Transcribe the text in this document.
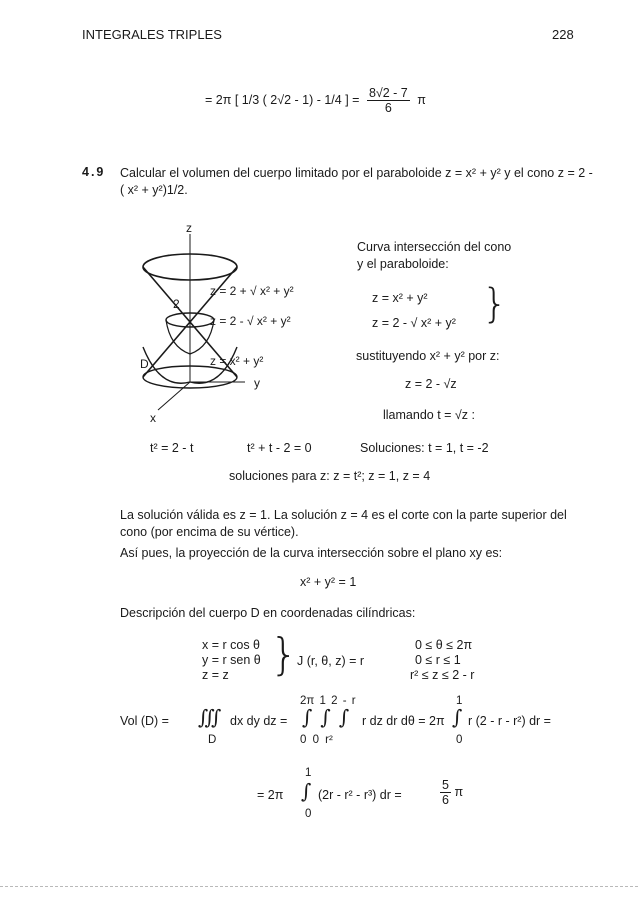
INTEGRALES TRIPLES	228
= 2π [ 1/3 ( 2√2 - 1) - 1/4 ] = $\frac{8√2 - 7}{6}$ π
4.9 Calcular el volumen del cuerpo limitado por el paraboloide z = x² + y² y el cono z = 2 - ( x² + y²)1/2.
z
y
x
D
2
z = 2 + √ x² + y²
z = 2 - √ x² + y²
z = x² + y²
Curva intersección del cono
y el paraboloide:
z = x² + y²
z = 2 - √ x² + y² }
sustituyendo x² + y² por z:
z = 2 - √z
llamando t = √z :
t² = 2 - t	t² + t - 2 = 0	Soluciones: t = 1, t = -2
soluciones para z: z = t²; z = 1, z = 4
La solución válida es z = 1. La solución z = 4 es el corte con la parte superior del cono (por encima de su vértice).
Así pues, la proyección de la curva intersección sobre el plano xy es:
x² + y² = 1
Descripción del cuerpo D en coordenadas cilíndricas:
x = r cos θ
y = r sen θ
z = z } J (r, θ, z) = r
0 ≤ θ ≤ 2π
0 ≤ r ≤ 1
r² ≤ z ≤ 2 - r
Vol (D) = ∭
D
dx dy dz =
2π 1 2 - r
∫∫∫
0 0 r²
r dz dr dθ = 2π
1
∫
0
r (2 - r - r²) dr =
= 2π
1
∫
0
(2r - r² - r³) dr =	$\frac{5}{6}$ π
